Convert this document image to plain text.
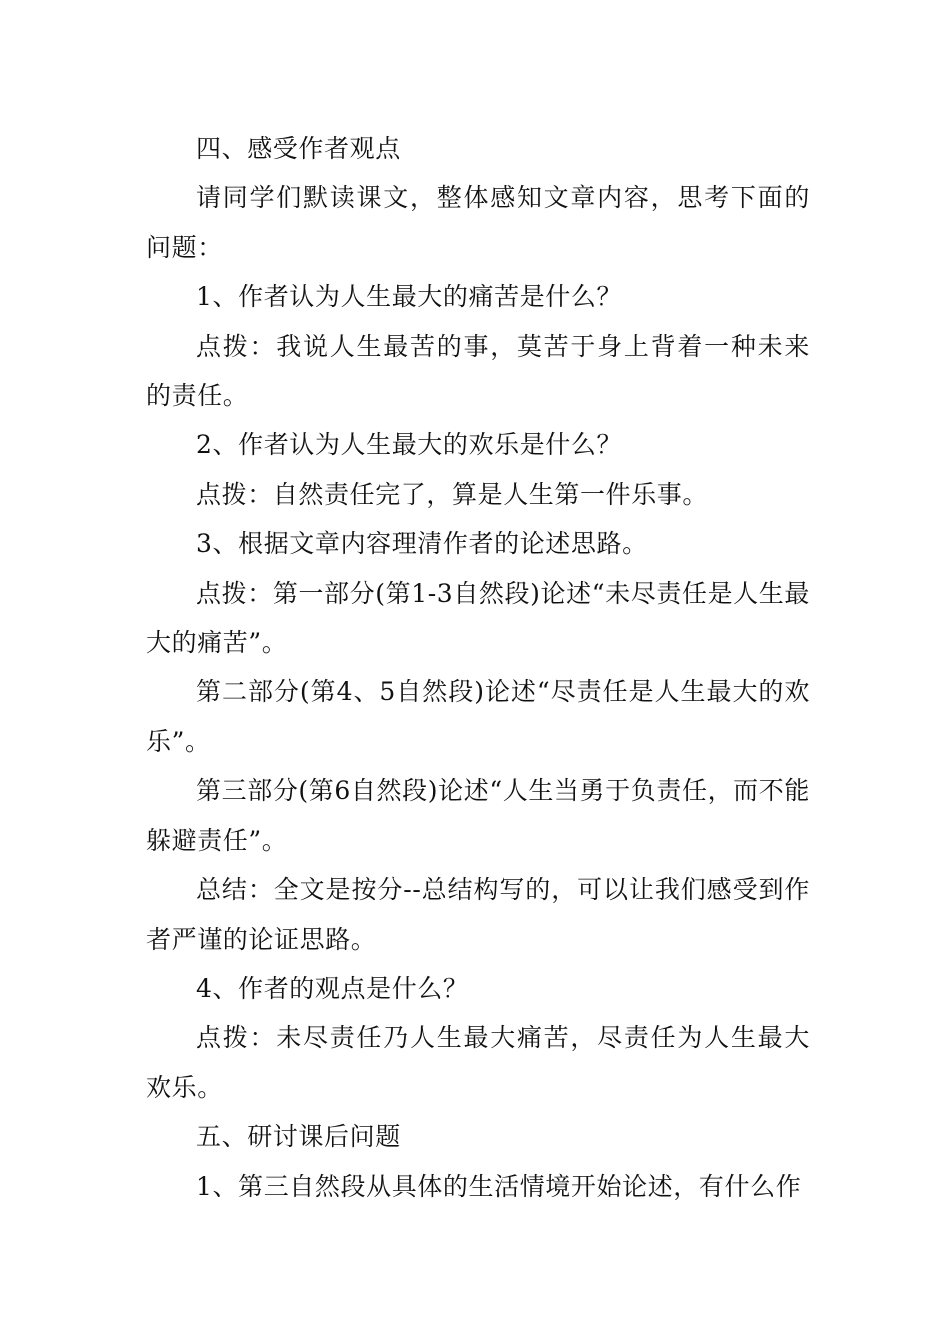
四、感受作者观点

请同学们默读课文，整体感知文章内容，思考下面的问题：

1、作者认为人生最大的痛苦是什么？

点拨：我说人生最苦的事，莫苦于身上背着一种未来的责任。

2、作者认为人生最大的欢乐是什么？

点拨：自然责任完了，算是人生第一件乐事。

3、根据文章内容理清作者的论述思路。

点拨：第一部分(第1-3自然段)论述“未尽责任是人生最大的痛苦”。

第二部分(第4、5自然段)论述“尽责任是人生最大的欢乐”。

第三部分(第6自然段)论述“人生当勇于负责任，而不能躲避责任”。

总结：全文是按分--总结构写的，可以让我们感受到作者严谨的论证思路。

4、作者的观点是什么？

点拨：未尽责任乃人生最大痛苦，尽责任为人生最大欢乐。

五、研讨课后问题

1、第三自然段从具体的生活情境开始论述，有什么作
